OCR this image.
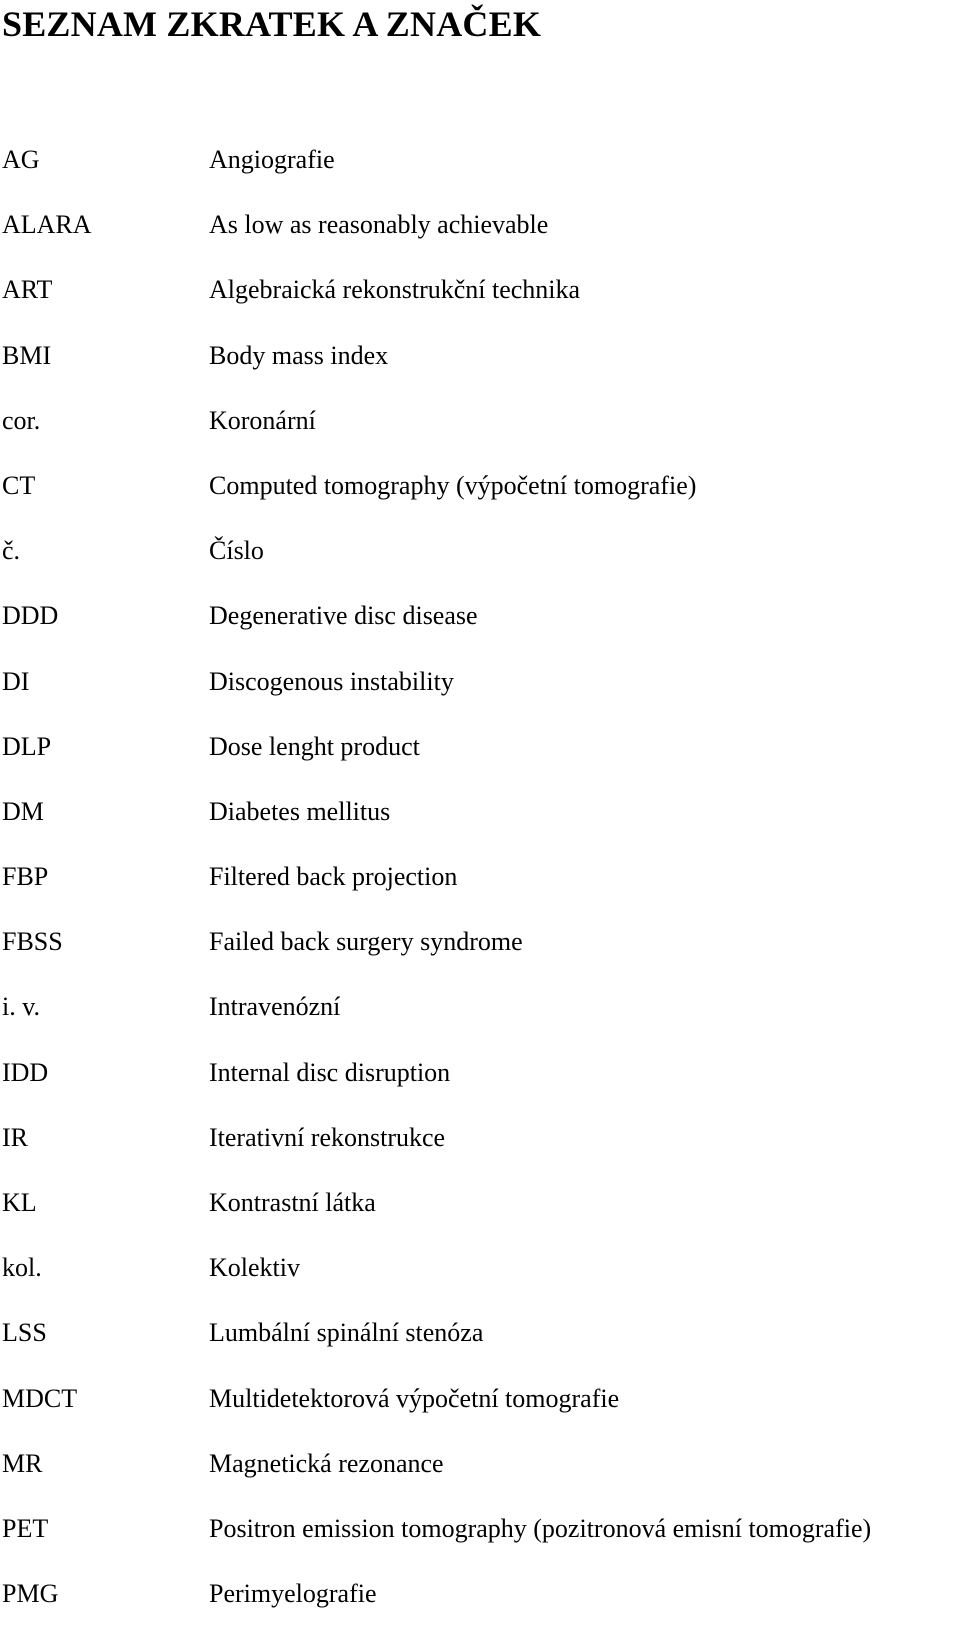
SEZNAM ZKRATEK A ZNAČEK
AG	Angiografie
ALARA	As low as reasonably achievable
ART	Algebraická rekonstrukční technika
BMI	Body mass index
cor.	Koronární
CT	Computed tomography (výpočetní tomografie)
č.	Číslo
DDD	Degenerative disc disease
DI	Discogenous instability
DLP	Dose lenght product
DM	Diabetes mellitus
FBP	Filtered back projection
FBSS	Failed back surgery syndrome
i. v.	Intravenózní
IDD	Internal disc disruption
IR	Iterativní rekonstrukce
KL	Kontrastní látka
kol.	Kolektiv
LSS	Lumbální spinální stenóza
MDCT	Multidetektorová výpočetní tomografie
MR	Magnetická rezonance
PET	Positron emission tomography (pozitronová emisní tomografie)
PMG	Perimyelografie
